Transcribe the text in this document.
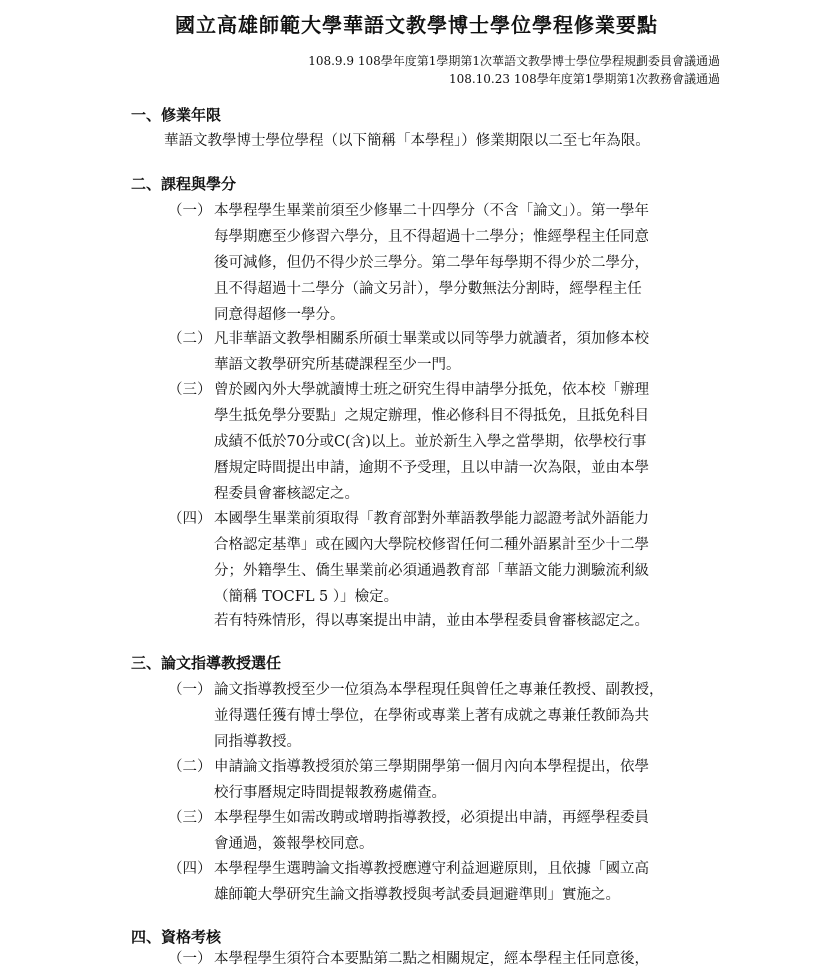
國立高雄師範大學華語文教學博士學位學程修業要點
108.9.9 108學年度第1學期第1次華語文教學博士學位學程規劃委員會議通過
108.10.23 108學年度第1學期第1次教務會議通過
一、修業年限
華語文教學博士學位學程（以下簡稱「本學程」）修業期限以二至七年為限。
二、課程與學分
（一） 本學程學生畢業前須至少修畢二十四學分（不含「論文」）。第一學年
每學期應至少修習六學分，且不得超過十二學分；惟經學程主任同意
後可減修，但仍不得少於三學分。第二學年每學期不得少於二學分，
且不得超過十二學分（論文另計），學分數無法分割時，經學程主任
同意得超修一學分。
（二） 凡非華語文教學相關系所碩士畢業或以同等學力就讀者，須加修本校
華語文教學研究所基礎課程至少一門。
（三） 曾於國內外大學就讀博士班之研究生得申請學分抵免，依本校「辦理
學生抵免學分要點」之規定辦理，惟必修科目不得抵免，且抵免科目
成績不低於70分或C(含)以上。並於新生入學之當學期，依學校行事
曆規定時間提出申請，逾期不予受理，且以申請一次為限，並由本學
程委員會審核認定之。
（四） 本國學生畢業前須取得「教育部對外華語教學能力認證考試外語能力
合格認定基準」或在國內大學院校修習任何二種外語累計至少十二學
分；外籍學生、僑生畢業前必須通過教育部「華語文能力測驗流利級
（簡稱 TOCFL 5 ）」檢定。
若有特殊情形，得以專案提出申請，並由本學程委員會審核認定之。
三、論文指導教授選任
（一） 論文指導教授至少一位須為本學程現任與曾任之專兼任教授、副教授，
並得選任獲有博士學位，在學術或專業上著有成就之專兼任教師為共
同指導教授。
（二） 申請論文指導教授須於第三學期開學第一個月內向本學程提出，依學
校行事曆規定時間提報教務處備查。
（三） 本學程學生如需改聘或增聘指導教授，必須提出申請，再經學程委員
會通過，簽報學校同意。
（四） 本學程學生選聘論文指導教授應遵守利益迴避原則，且依據「國立高
雄師範大學研究生論文指導教授與考試委員迴避準則」實施之。
四、資格考核
（一） 本學程學生須符合本要點第二點之相關規定，經本學程主任同意後，
